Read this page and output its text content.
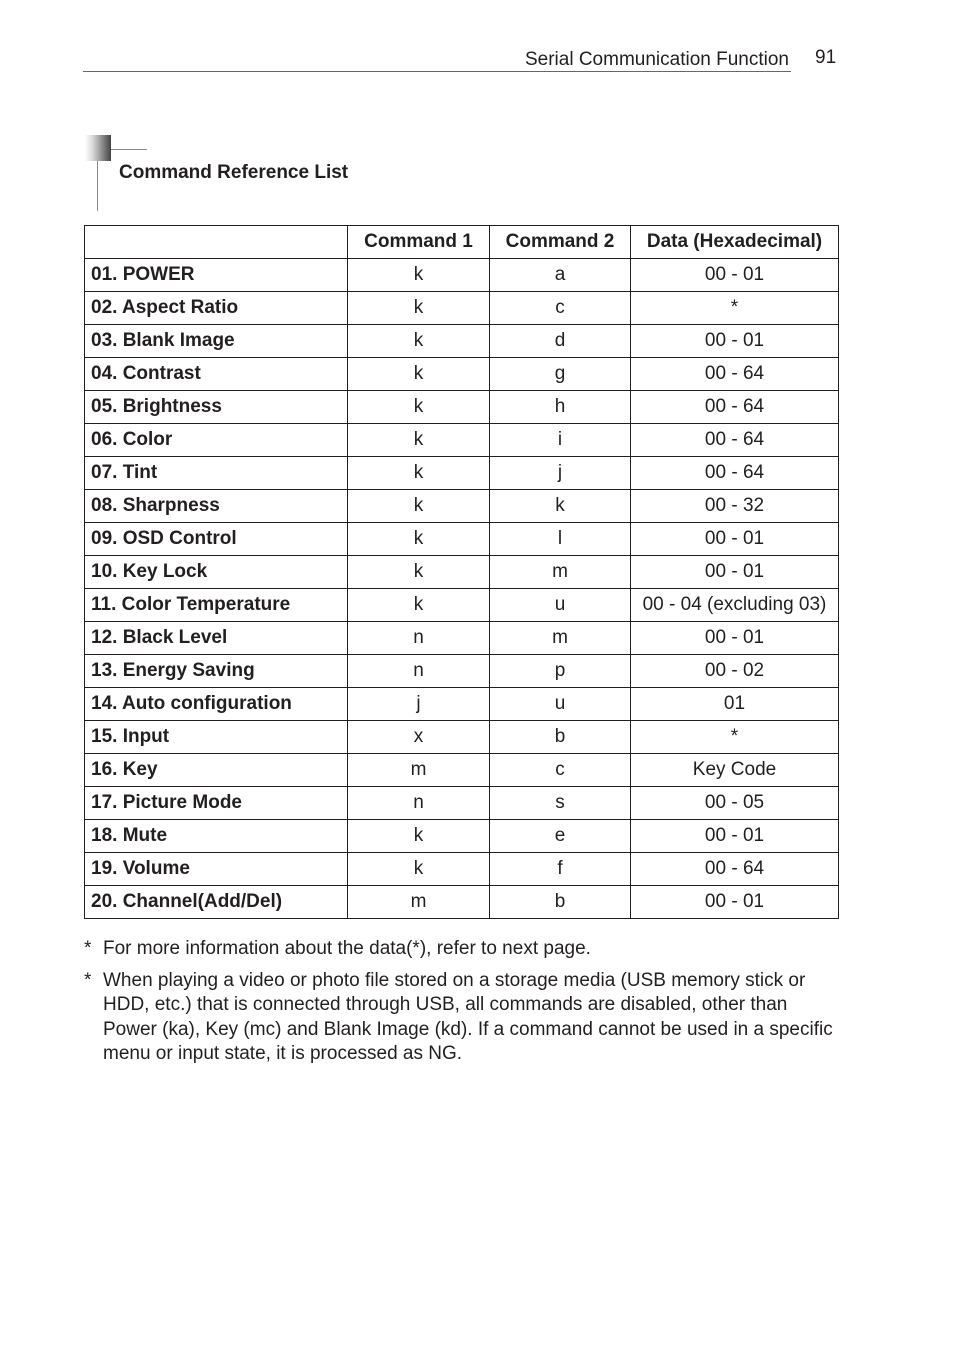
Serial Communication Function 91
Command Reference List
	Command 1	Command 2	Data (Hexadecimal)
01. POWER	k	a	00 - 01
02. Aspect Ratio	k	c	*
03. Blank Image	k	d	00 - 01
04. Contrast	k	g	00 - 64
05. Brightness	k	h	00 - 64
06. Color	k	i	00 - 64
07. Tint	k	j	00 - 64
08. Sharpness	k	k	00 - 32
09. OSD Control	k	l	00 - 01
10. Key Lock	k	m	00 - 01
11. Color Temperature	k	u	00 - 04 (excluding 03)
12. Black Level	n	m	00 - 01
13. Energy Saving	n	p	00 - 02
14. Auto configuration	j	u	01
15. Input	x	b	*
16. Key	m	c	Key Code
17. Picture Mode	n	s	00 - 05
18. Mute	k	e	00 - 01
19. Volume	k	f	00 - 64
20. Channel(Add/Del)	m	b	00 - 01
* For more information about the data(*), refer to next page.
* When playing a video or photo file stored on a storage media (USB memory stick or HDD, etc.) that is connected through USB, all commands are disabled, other than Power (ka), Key (mc) and Blank Image (kd). If a command cannot be used in a specific menu or input state, it is processed as NG.
